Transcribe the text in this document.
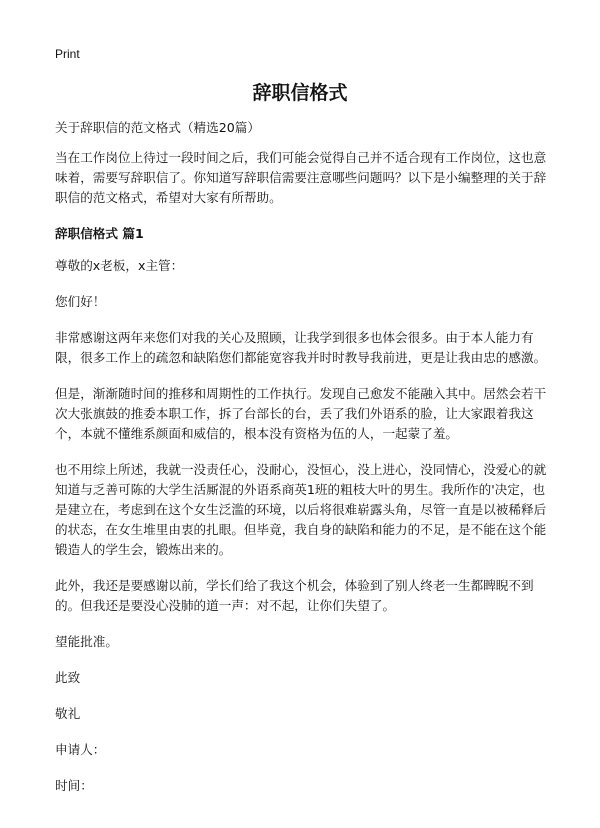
Print
辞职信格式

关于辞职信的范文格式（精选20篇）

当在工作岗位上待过一段时间之后，我们可能会觉得自己并不适合现有工作岗位，这也意味着，需要写辞职信了。你知道写辞职信需要注意哪些问题吗？以下是小编整理的关于辞职信的范文格式，希望对大家有所帮助。

辞职信格式 篇1

尊敬的x老板，x主管：

您们好！

非常感谢这两年来您们对我的关心及照顾，让我学到很多也体会很多。由于本人能力有限，很多工作上的疏忽和缺陷您们都能宽容我并时时教导我前进，更是让我由忠的感激。

但是，渐渐随时间的推移和周期性的工作执行。发现自己愈发不能融入其中。居然会若干次大张旗鼓的推委本职工作，拆了台部长的台，丢了我们外语系的脸，让大家跟着我这个，本就不懂维系颜面和威信的，根本没有资格为伍的人，一起蒙了羞。

也不用综上所述，我就一没责任心，没耐心，没恒心，没上进心，没同情心，没爱心的就知道与乏善可陈的大学生活厮混的外语系商英1班的粗枝大叶的男生。我所作的'决定，也是建立在，考虑到在这个女生泛滥的环境，以后将很难崭露头角，尽管一直是以被稀释后的状态，在女生堆里由衷的扎眼。但毕竟，我自身的缺陷和能力的不足，是不能在这个能锻造人的学生会，锻炼出来的。

此外，我还是要感谢以前，学长们给了我这个机会，体验到了别人终老一生都睥睨不到的。但我还是要没心没肺的道一声：对不起，让你们失望了。

望能批准。

此致

敬礼

申请人：

时间：
